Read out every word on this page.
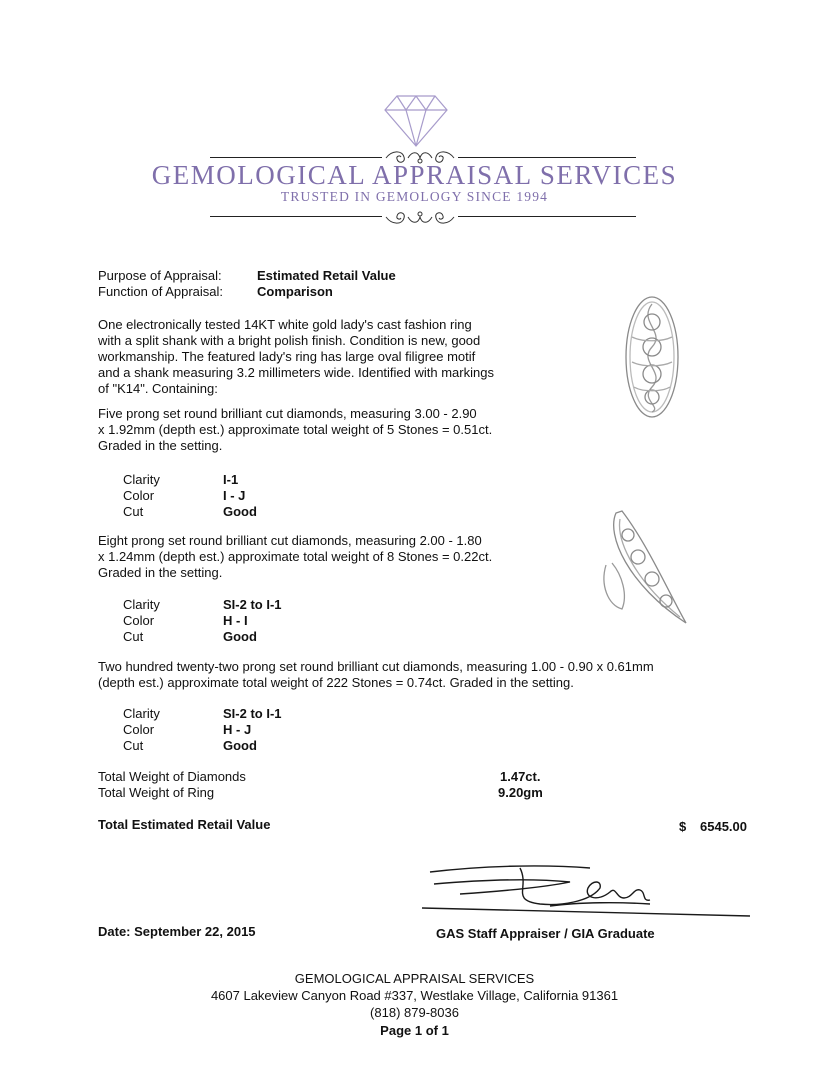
GEMOLOGICAL APPRAISAL SERVICES
TRUSTED IN GEMOLOGY SINCE 1994
Purpose of Appraisal:	Estimated Retail Value
Function of Appraisal:	Comparison
One electronically tested 14KT white gold lady's cast fashion ring
with a split shank with a bright polish finish. Condition is new, good
workmanship. The featured lady's ring has large oval filigree motif
and a shank measuring 3.2 millimeters wide. Identified with markings
of "K14". Containing:
Five prong set round brilliant cut diamonds, measuring 3.00 - 2.90
x 1.92mm (depth est.) approximate total weight of 5 Stones = 0.51ct.
Graded in the setting.
Clarity	I-1
Color	I - J
Cut	Good
Eight prong set round brilliant cut diamonds, measuring 2.00 - 1.80
x 1.24mm (depth est.) approximate total weight of 8 Stones = 0.22ct.
Graded in the setting.
Clarity	SI-2 to I-1
Color	H - I
Cut	Good
Two hundred twenty-two prong set round brilliant cut diamonds, measuring 1.00 - 0.90 x 0.61mm
(depth est.) approximate total weight of 222 Stones = 0.74ct. Graded in the setting.
Clarity	SI-2 to I-1
Color	H - J
Cut	Good
Total Weight of Diamonds	1.47ct.
Total Weight of Ring	9.20gm
Total Estimated Retail Value	$ 6545.00
Date: September 22, 2015	GAS Staff Appraiser / GIA Graduate
GEMOLOGICAL APPRAISAL SERVICES
4607 Lakeview Canyon Road #337, Westlake Village, California 91361
(818) 879-8036
Page 1 of 1
